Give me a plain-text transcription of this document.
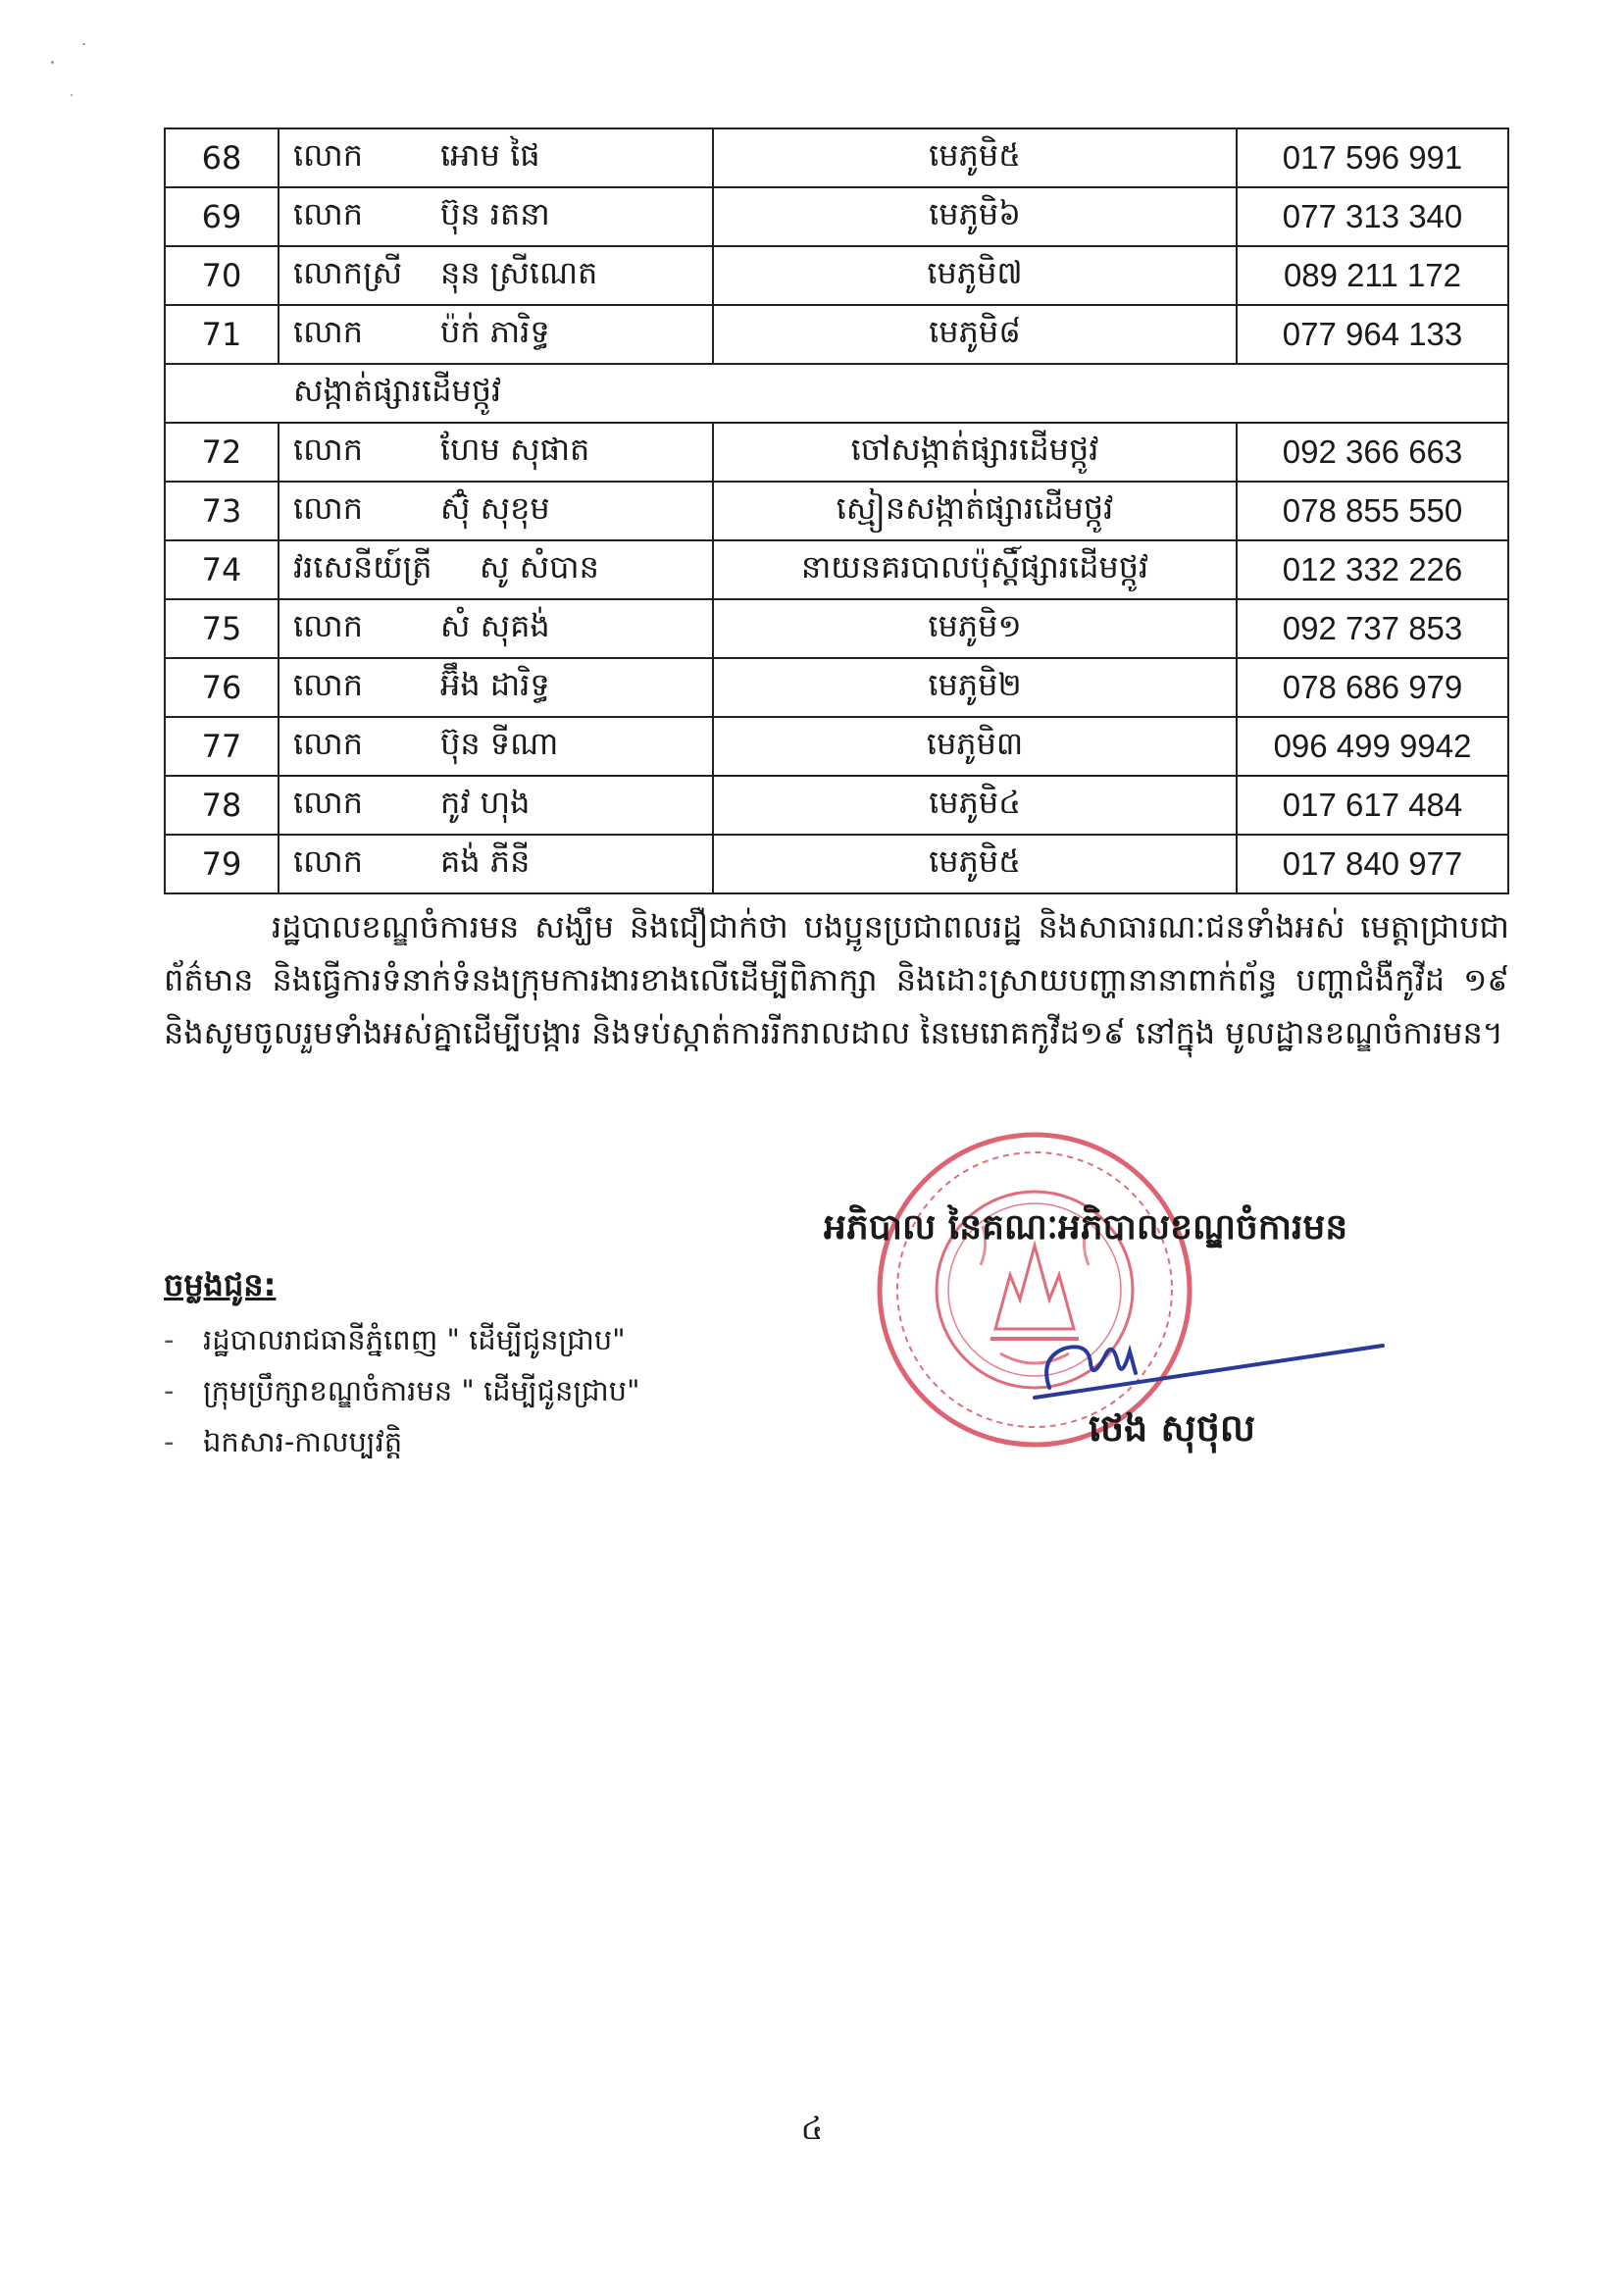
68	លោក អោម ផៃ	មេភូមិ៥	017 596 991
69	លោក ប៊ុន រតនា	មេភូមិ៦	077 313 340
70	លោកស្រី នុន ស្រីណេត	មេភូមិ៧	089 211 172
71	លោក ប៉ក់ ភារិទ្ធ	មេភូមិ៨	077 964 133
សង្កាត់ផ្សារដើមថ្កូវ			
72	លោក ហែម សុផាត	ចៅសង្កាត់ផ្សារដើមថ្កូវ	092 366 663
73	លោក ស៊ុំ សុខុម	ស្មៀនសង្កាត់ផ្សារដើមថ្កូវ	078 855 550
74	វរសេនីយ៍ត្រី សូ សំបាន	នាយនគរបាលប៉ុស្តិ៍ផ្សារដើមថ្កូវ	012 332 226
75	លោក សំ សុគង់	មេភូមិ១	092 737 853
76	លោក អ៊ឹង ដារិទ្ធ	មេភូមិ២	078 686 979
77	លោក ប៊ុន ទីណា	មេភូមិ៣	096 499 9942
78	លោក កូវ ហុង	មេភូមិ៤	017 617 484
79	លោក គង់ ភីនី	មេភូមិ៥	017 840 977

រដ្ឋបាលខណ្ឌចំការមន សង្ឃឹម និងជឿជាក់ថា បងប្អូនប្រជាពលរដ្ឋ និងសាធារណៈជនទាំងអស់ មេត្តាជ្រាបជាព័ត៌មាន និងធ្វើការទំនាក់ទំនងក្រុមការងារខាងលើដើម្បីពិភាក្សា និងដោះស្រាយបញ្ហានានាពាក់ព័ន្ធ បញ្ហាជំងឺកូវីដ ១៩ និងសូមចូលរួមទាំងអស់គ្នាដើម្បីបង្ការ និងទប់ស្កាត់ការរីករាលដាល នៃមេរោគកូវីដ១៩ នៅក្នុង មូលដ្ឋានខណ្ឌចំការមន។

អភិបាល នៃគណៈអភិបាលខណ្ឌចំការមន
ថេង សុថុល
ចម្លងជូន:
- រដ្ឋបាលរាជធានីភ្នំពេញ " ដើម្បីជូនជ្រាប"
- ក្រុមប្រឹក្សាខណ្ឌចំការមន " ដើម្បីជូនជ្រាប"
- ឯកសារ-កាលប្បវត្តិ
៤
